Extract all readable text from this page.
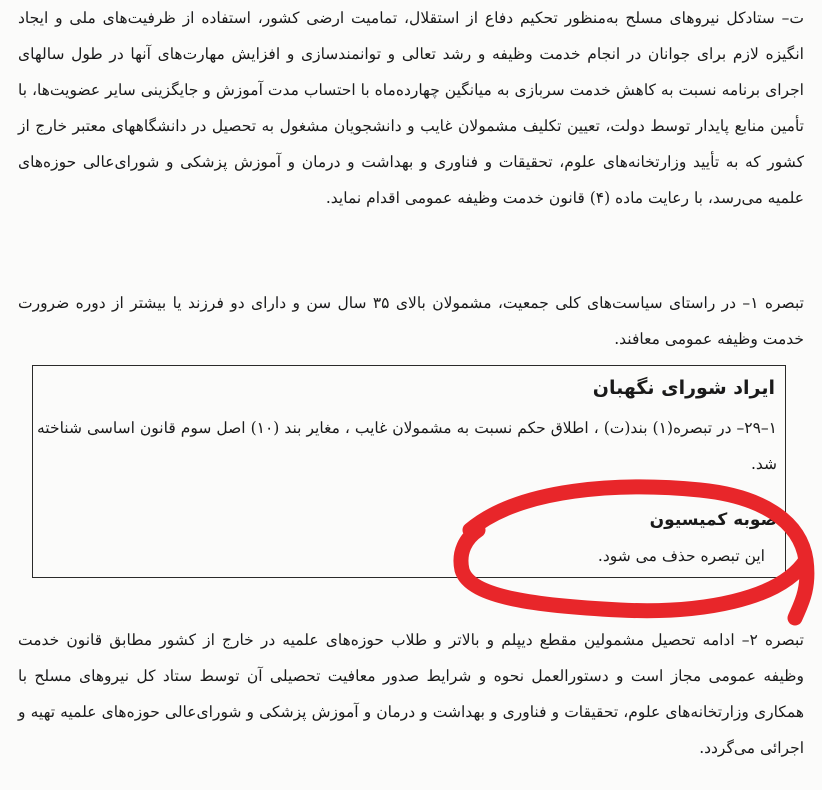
ت– ستادکل نیروهای مسلح به‌منظور تحکیم دفاع از استقلال، تمامیت ارضی کشور، استفاده از ظرفیت‌های ملی و ایجاد انگیزه لازم برای جوانان در انجام خدمت وظیفه و رشد تعالی و توانمندسازی و افزایش مهارت‌های آنها در طول سالهای اجرای برنامه نسبت به کاهش خدمت سربازی به میانگین چهارده‌ماه با احتساب مدت آموزش و جایگزینی سایر عضویت‌ها، با تأمین منابع پایدار توسط دولت، تعیین تکلیف مشمولان غایب و دانشجویان مشغول به تحصیل در دانشگاههای معتبر خارج از کشور که به تأیید وزارتخانه‌های علوم، تحقیقات و فناوری و بهداشت و درمان و آموزش پزشکی و شورای‌عالی حوزه‌های علمیه می‌رسد، با رعایت ماده (۴) قانون خدمت وظیفه عمومی اقدام نماید.

تبصره ۱– در راستای سیاست‌های کلی جمعیت، مشمولان بالای ۳۵ سال سن و دارای دو فرزند یا بیشتر از دوره ضرورت خدمت وظیفه عمومی معافند.

ایراد شورای نگهبان
۱–۲۹– در تبصره(۱) بند(ت) ، اطلاق حکم نسبت به مشمولان غایب ، مغایر بند (۱۰) اصل سوم قانون اساسی شناخته شد.
صوبه کمیسیون
این تبصره حذف می شود.

تبصره ۲– ادامه تحصیل مشمولین مقطع دیپلم و بالاتر و طلاب حوزه‌های علمیه در خارج از کشور مطابق قانون خدمت وظیفه عمومی مجاز است و دستورالعمل نحوه و شرایط صدور معافیت تحصیلی آن توسط ستاد کل نیروهای مسلح با همکاری وزارتخانه‌های علوم، تحقیقات و فناوری و بهداشت و درمان و آموزش پزشکی و شورای‌عالی حوزه‌های علمیه تهیه و اجرائی می‌گردد.
